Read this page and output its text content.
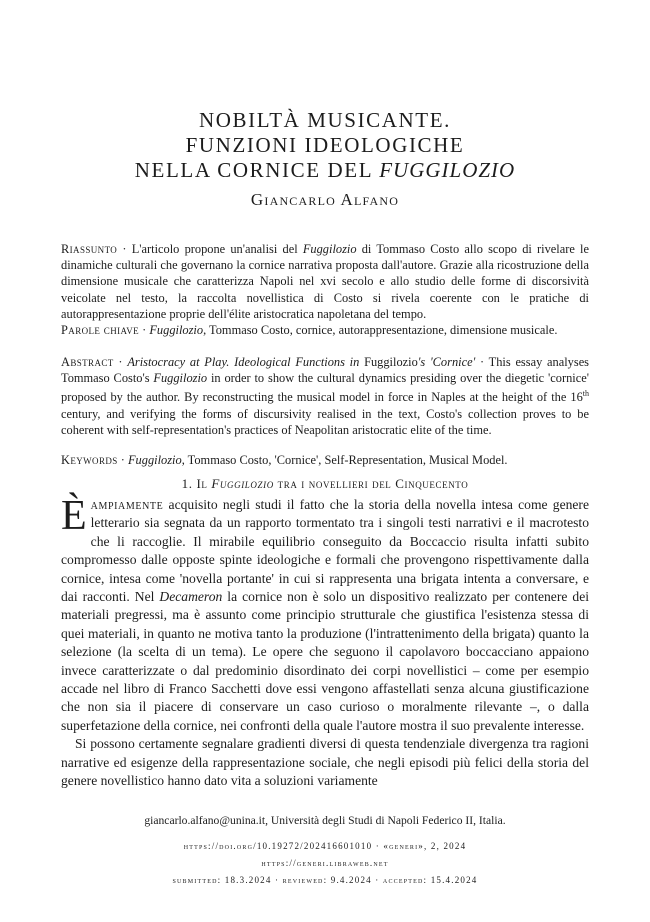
NOBILTÀ MUSICANTE.
FUNZIONI IDEOLOGICHE
NELLA CORNICE DEL FUGGILOZIO
Giancarlo Alfano

Riassunto · L'articolo propone un'analisi del Fuggilozio di Tommaso Costo allo scopo di rivelare le dinamiche culturali che governano la cornice narrativa proposta dall'autore. Grazie alla ricostruzione della dimensione musicale che caratterizza Napoli nel xvi secolo e allo studio delle forme di discorsività veicolate nel testo, la raccolta novellistica di Costo si rivela coerente con le pratiche di autorappresentazione proprie dell'élite aristocratica napoletana del tempo.

Parole chiave · Fuggilozio, Tommaso Costo, cornice, autorappresentazione, dimensione musicale.

Abstract · Aristocracy at Play. Ideological Functions in Fuggilozio's 'Cornice' · This essay analyses Tommaso Costo's Fuggilozio in order to show the cultural dynamics presiding over the diegetic 'cornice' proposed by the author. By reconstructing the musical model in force in Naples at the height of the 16th century, and verifying the forms of discursivity realised in the text, Costo's collection proves to be coherent with self-representation's practices of Neapolitan aristocratic elite of the time.

Keywords · Fuggilozio, Tommaso Costo, 'Cornice', Self-Representation, Musical Model.

1. Il Fuggilozio tra i novellieri del Cinquecento

Èampiamente acquisito negli studi il fatto che la storia della novella intesa come genere letterario sia segnata da un rapporto tormentato tra i singoli testi narrativi e il macrotesto che li raccoglie. Il mirabile equilibrio conseguito da Boccaccio risulta infatti subito compromesso dalle opposte spinte ideologiche e formali che provengono rispettivamente dalla cornice, intesa come 'novella portante' in cui si rappresenta una brigata intenta a conversare, e dai racconti. Nel Decameron la cornice non è solo un dispositivo realizzato per contenere dei materiali pregressi, ma è assunto come principio strutturale che giustifica l'esistenza stessa di quei materiali, in quanto ne motiva tanto la produzione (l'intrattenimento della brigata) quanto la selezione (la scelta di un tema). Le opere che seguono il capolavoro boccacciano appaiono invece caratterizzate o dal predominio disordinato dei corpi novellistici – come per esempio accade nel libro di Franco Sacchetti dove essi vengono affastellati senza alcuna giustificazione che non sia il piacere di conservare un caso curioso o moralmente rilevante –, o dalla superfetazione della cornice, nei confronti della quale l'autore mostra il suo prevalente interesse.

Si possono certamente segnalare gradienti diversi di questa tendenziale divergenza tra ragioni narrative ed esigenze della rappresentazione sociale, che negli episodi più felici della storia del genere novellistico hanno dato vita a soluzioni variamente

giancarlo.alfano@unina.it, Università degli Studi di Napoli Federico II, Italia.
https://doi.org/10.19272/202416601010 · «generi», 2, 2024
https://generi.libraweb.net
submitted: 18.3.2024 · reviewed: 9.4.2024 · accepted: 15.4.2024
